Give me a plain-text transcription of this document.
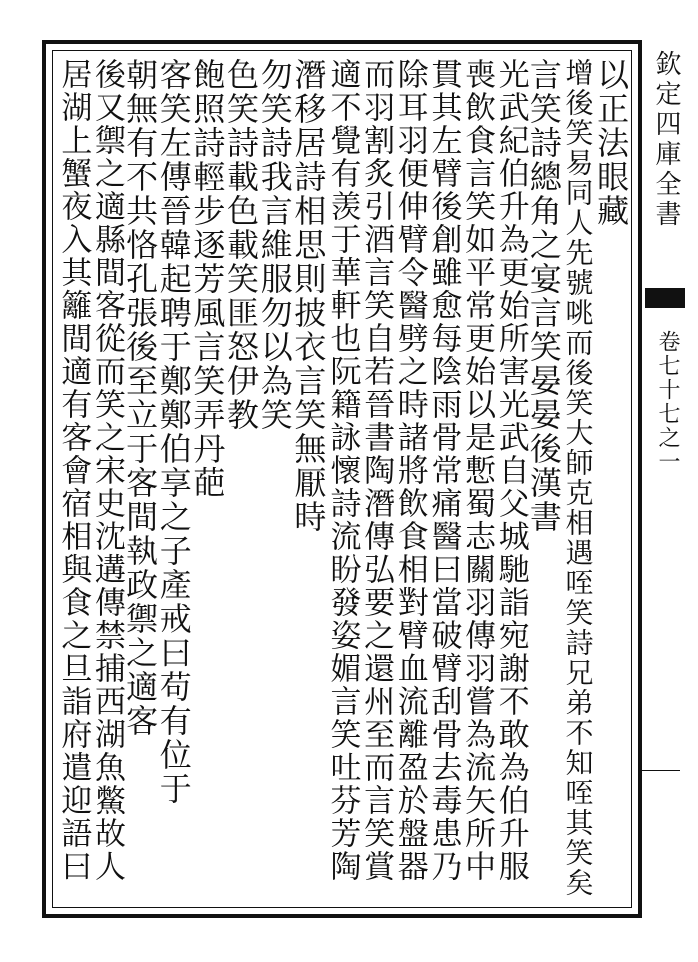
欽定四庫全書
卷七十七之一
以正法眼藏
增後笑易同人先號咷而後笑大師克相遇咥笑詩兄弟不知咥其笑矣
言笑詩總角之宴言笑晏晏後漢書
光武紀伯升為更始所害光武自父城馳詣宛謝不敢為伯升服
喪飲食言笑如平常更始以是慙蜀志關羽傳羽嘗為流矢所中
貫其左臂後創雖愈每陰雨骨常痛醫曰當破臂刮骨去毒患乃
除耳羽便伸臂令醫劈之時諸將飲食相對臂血流離盈於盤器
而羽割炙引酒言笑自若晉書陶潛傳弘要之還州至而言笑賞
適不覺有羡于華軒也阮籍詠懷詩流盼發姿媚言笑吐芬芳陶
潛移居詩相思則披衣言笑無厭時
勿笑詩我言維服勿以為笑
色笑詩載色載笑匪怒伊教
飽照詩輕步逐芳風言笑弄丹葩
客笑左傳晉韓起聘于鄭鄭伯享之子產戒曰苟有位于
朝無有不共恪孔張後至立于客間執政禦之適客
後又禦之適縣間客從而笑之宋史沈遘傳禁捕西湖魚鱉故人
居湖上蟹夜入其籬間適有客會宿相與食之旦詣府遣迎語曰
